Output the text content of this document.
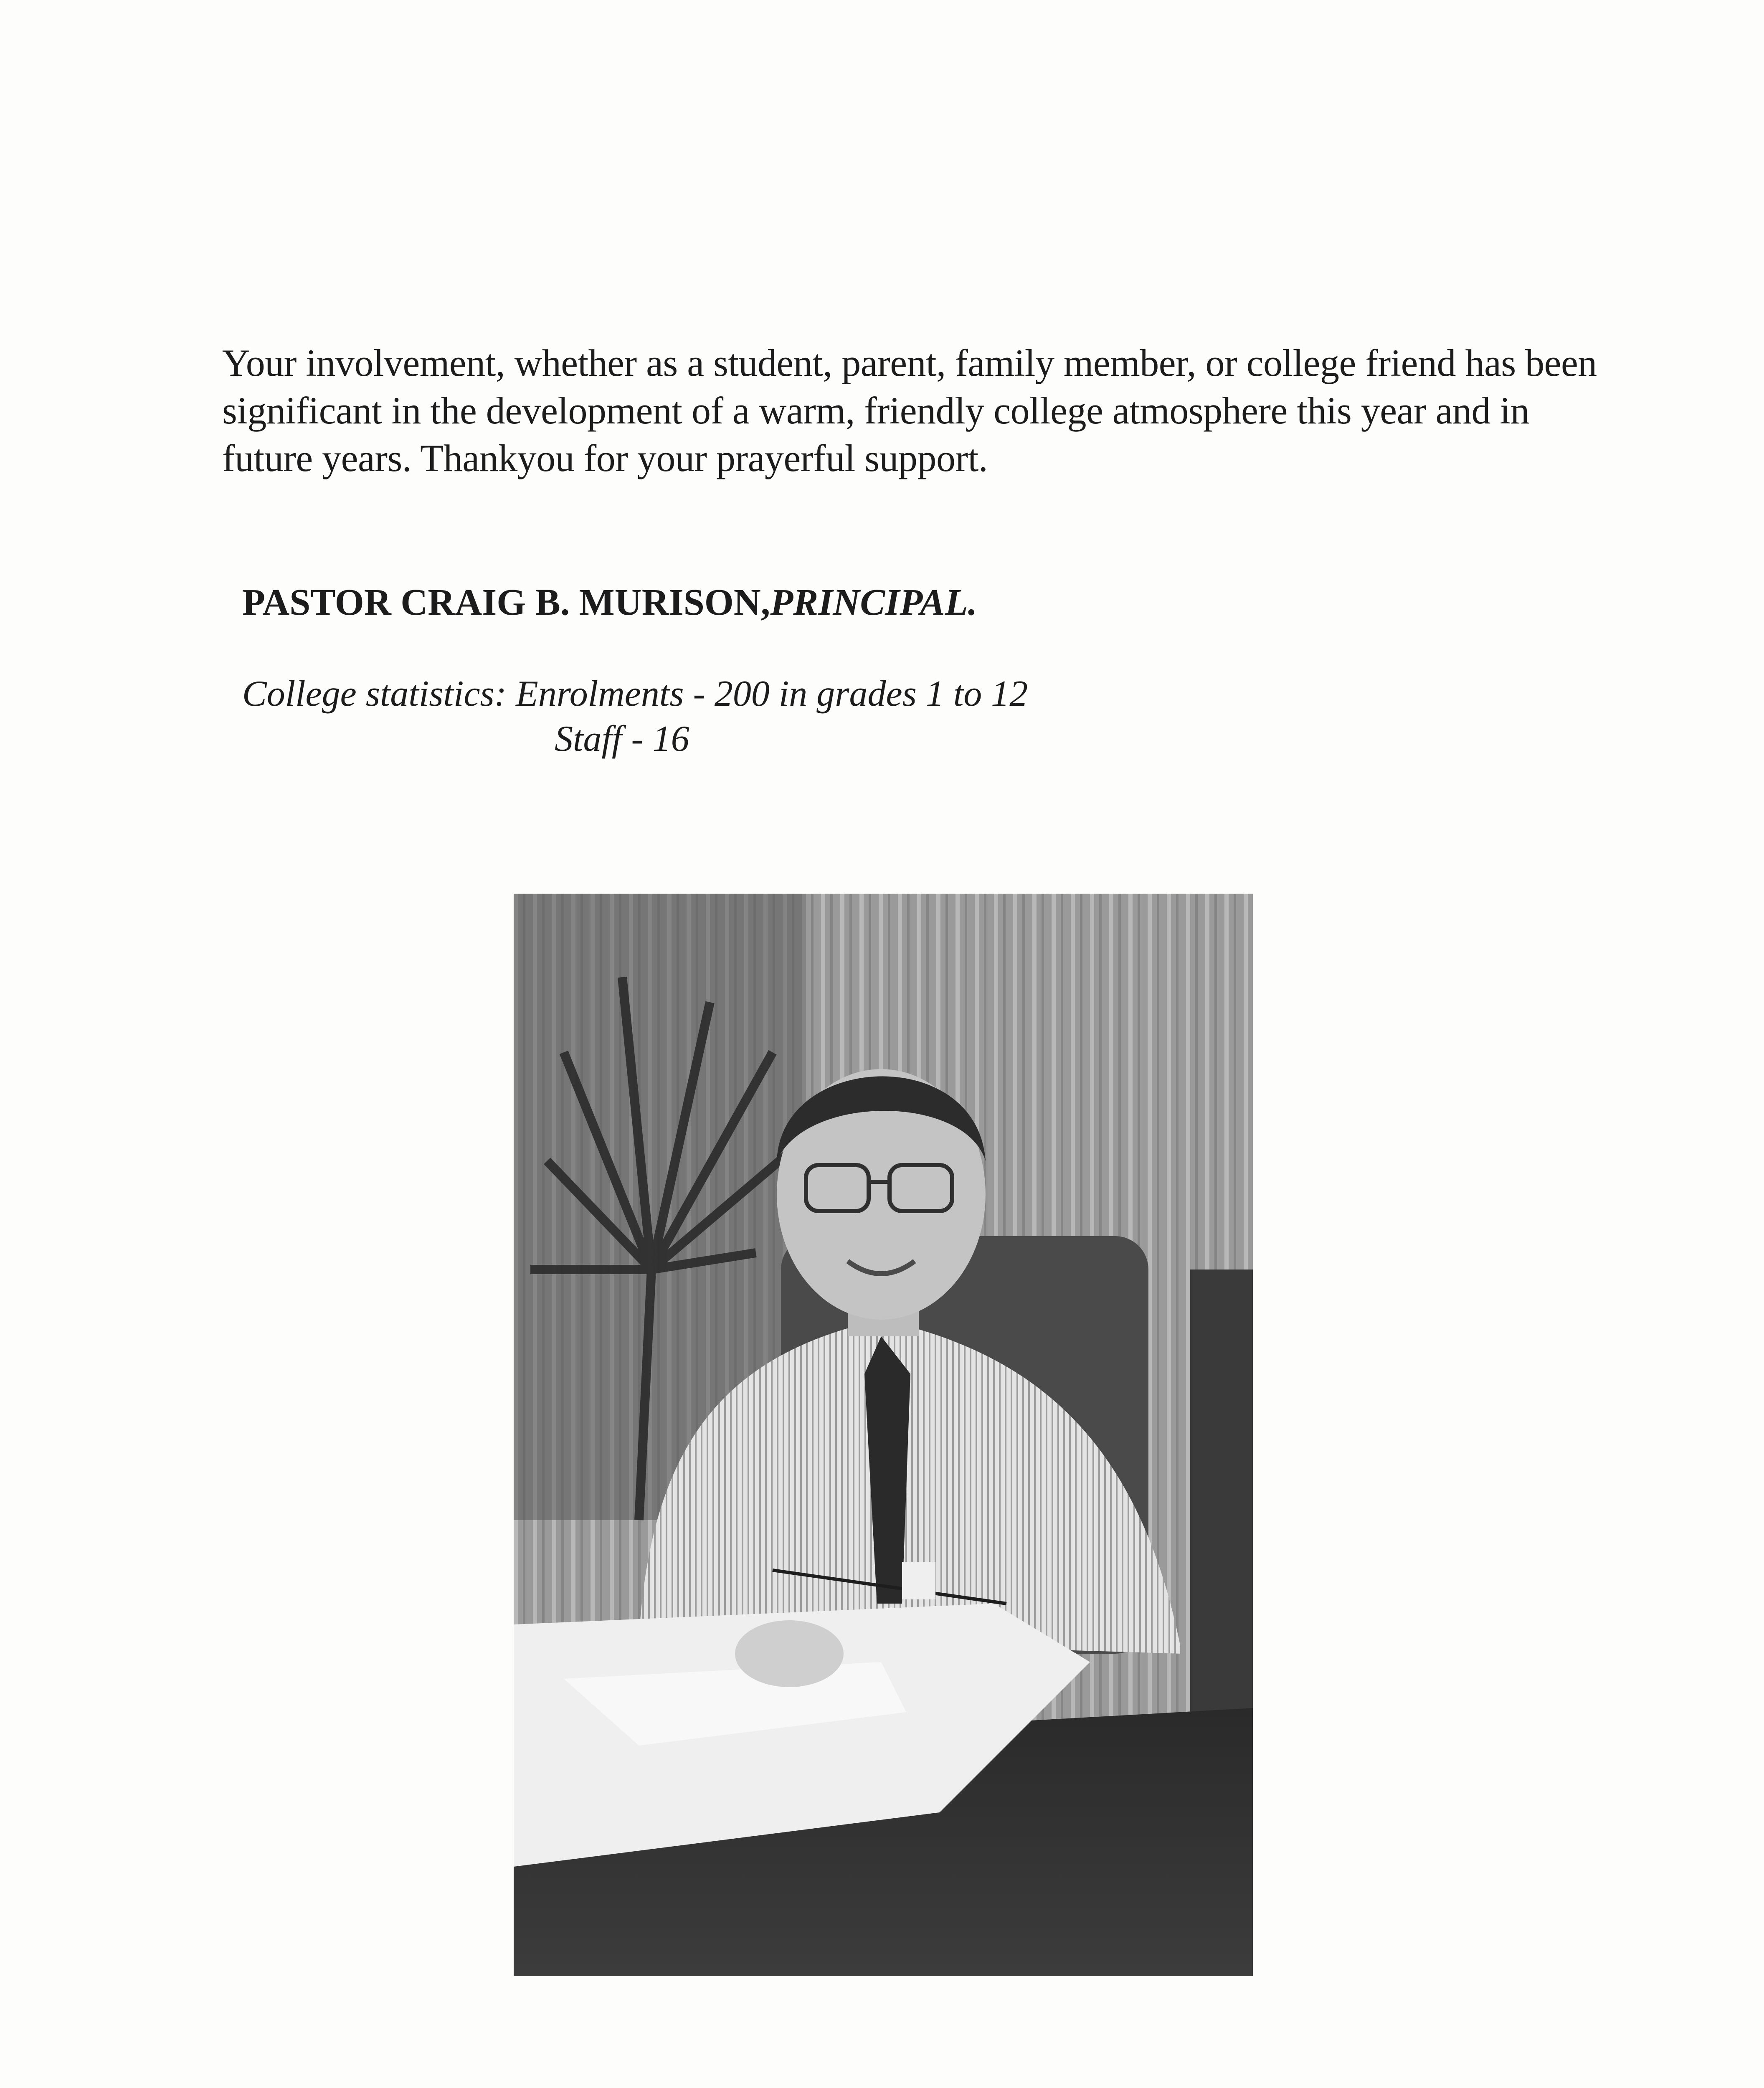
Your involvement, whether as a student, parent, family member, or college friend has been significant in the development of a warm, friendly college atmosphere this year and in future years. Thankyou for your prayerful support.

PASTOR CRAIG B. MURISON,PRINCIPAL.

College statistics: Enrolments - 200 in grades 1 to 12
Staff - 16
